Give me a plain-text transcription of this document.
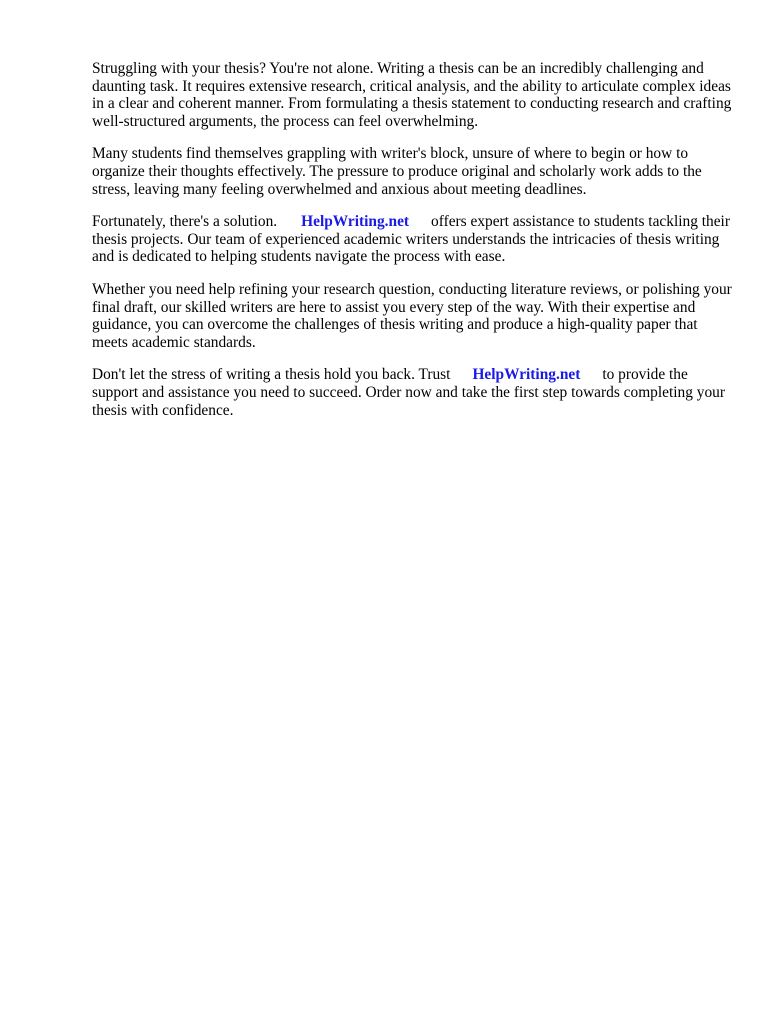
Struggling with your thesis? You're not alone. Writing a thesis can be an incredibly challenging and daunting task. It requires extensive research, critical analysis, and the ability to articulate complex ideas in a clear and coherent manner. From formulating a thesis statement to conducting research and crafting well-structured arguments, the process can feel overwhelming.

Many students find themselves grappling with writer's block, unsure of where to begin or how to organize their thoughts effectively. The pressure to produce original and scholarly work adds to the stress, leaving many feeling overwhelmed and anxious about meeting deadlines.

Fortunately, there's a solution. HelpWriting.net offers expert assistance to students tackling their thesis projects. Our team of experienced academic writers understands the intricacies of thesis writing and is dedicated to helping students navigate the process with ease.

Whether you need help refining your research question, conducting literature reviews, or polishing your final draft, our skilled writers are here to assist you every step of the way. With their expertise and guidance, you can overcome the challenges of thesis writing and produce a high-quality paper that meets academic standards.

Don't let the stress of writing a thesis hold you back. Trust HelpWriting.net to provide the support and assistance you need to succeed. Order now and take the first step towards completing your thesis with confidence.
